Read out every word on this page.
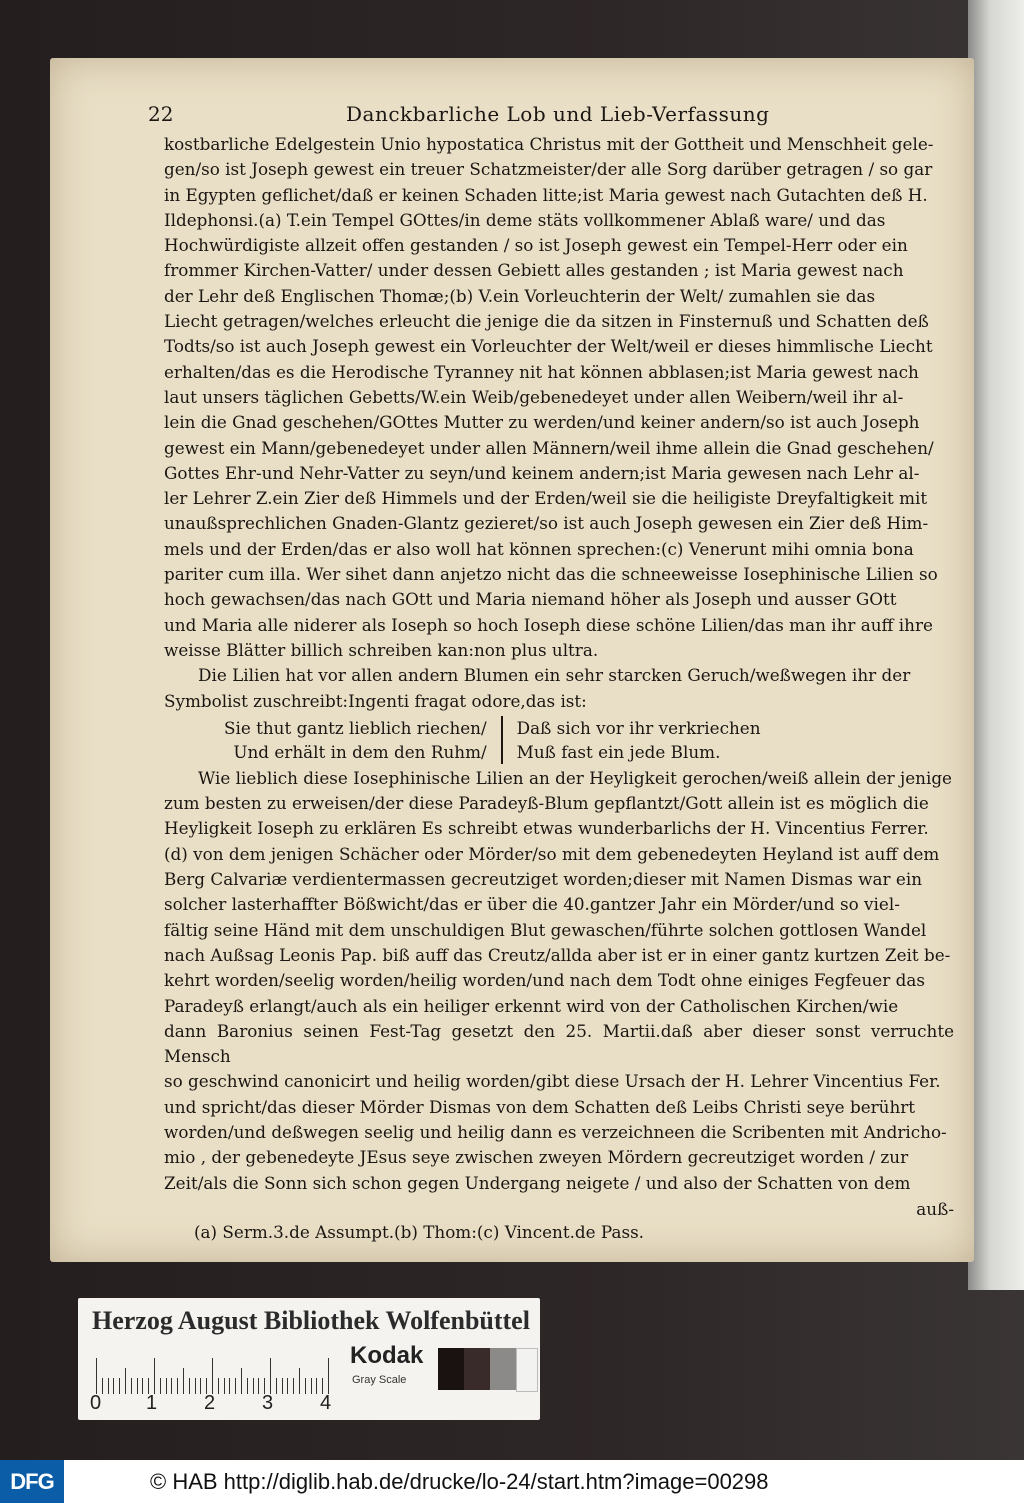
22	Danckbarliche Lob und Lieb-Verfassung

kostbarliche Edelgestein Unio hypostatica Christus mit der Gottheit und Menschheit gele-

gen/so ist Joseph gewest ein treuer Schatzmeister/der alle Sorg darüber getragen / so gar

in Egypten geflichet/daß er keinen Schaden litte;ist Maria gewest nach Gutachten deß H.

Ildephonsi.(a) T.ein Tempel GOttes/in deme stäts vollkommener Ablaß ware/ und das

Hochwürdigiste allzeit offen gestanden / so ist Joseph gewest ein Tempel-Herr oder ein

frommer Kirchen-Vatter/ under dessen Gebiett alles gestanden ; ist Maria gewest nach

der Lehr deß Englischen Thomæ;(b) V.ein Vorleuchterin der Welt/ zumahlen sie das

Liecht getragen/welches erleucht die jenige die da sitzen in Finsternuß und Schatten deß

Todts/so ist auch Joseph gewest ein Vorleuchter der Welt/weil er dieses himmlische Liecht

erhalten/das es die Herodische Tyranney nit hat können abblasen;ist Maria gewest nach

laut unsers täglichen Gebetts/W.ein Weib/gebenedeyet under allen Weibern/weil ihr al-

lein die Gnad geschehen/GOttes Mutter zu werden/und keiner andern/so ist auch Joseph

gewest ein Mann/gebenedeyet under allen Männern/weil ihme allein die Gnad geschehen/

Gottes Ehr-und Nehr-Vatter zu seyn/und keinem andern;ist Maria gewesen nach Lehr al-

ler Lehrer Z.ein Zier deß Himmels und der Erden/weil sie die heiligiste Dreyfaltigkeit mit

unaußsprechlichen Gnaden-Glantz gezieret/so ist auch Joseph gewesen ein Zier deß Him-

mels und der Erden/das er also woll hat können sprechen:(c) Venerunt mihi omnia bona

pariter cum illa. Wer sihet dann anjetzo nicht das die schneeweisse Iosephinische Lilien so

hoch gewachsen/das nach GOtt und Maria niemand höher als Joseph und ausser GOtt

und Maria alle niderer als Ioseph so hoch Ioseph diese schöne Lilien/das man ihr auff ihre

weisse Blätter billich schreiben kan:non plus ultra.

Die Lilien hat vor allen andern Blumen ein sehr starcken Geruch/weßwegen ihr der

Symbolist zuschreibt:Ingenti fragat odore,das ist:

Sie thut gantz lieblich riechen/
Und erhält in dem den Ruhm/
Daß sich vor ihr verkriechen
Muß fast ein jede Blum.

Wie lieblich diese Iosephinische Lilien an der Heyligkeit gerochen/weiß allein der jenige

zum besten zu erweisen/der diese Paradeyß-Blum gepflantzt/Gott allein ist es möglich die

Heyligkeit Ioseph zu erklären Es schreibt etwas wunderbarlichs der H. Vincentius Ferrer.

(d) von dem jenigen Schächer oder Mörder/so mit dem gebenedeyten Heyland ist auff dem

Berg Calvariæ verdientermassen gecreutziget worden;dieser mit Namen Dismas war ein

solcher lasterhaffter Bößwicht/das er über die 40.gantzer Jahr ein Mörder/und so viel-

fältig seine Händ mit dem unschuldigen Blut gewaschen/führte solchen gottlosen Wandel

nach Außsag Leonis Pap. biß auff das Creutz/allda aber ist er in einer gantz kurtzen Zeit be-

kehrt worden/seelig worden/heilig worden/und nach dem Todt ohne einiges Fegfeuer das

Paradeyß erlangt/auch als ein heiliger erkennt wird von der Catholischen Kirchen/wie

dann Baronius seinen Fest-Tag gesetzt den 25. Martii.daß aber dieser sonst verruchte Mensch

so geschwind canonicirt und heilig worden/gibt diese Ursach der H. Lehrer Vincentius Fer.

und spricht/das dieser Mörder Dismas von dem Schatten deß Leibs Christi seye berührt

worden/und deßwegen seelig und heilig dann es verzeichneen die Scribenten mit Andricho-

mio , der gebenedeyte JEsus seye zwischen zweyen Mördern gecreutziget worden / zur

Zeit/als die Sonn sich schon gegen Undergang neigete / und also der Schatten von dem

auß-
(a) Serm.3.de Assumpt.(b) Thom:(c) Vincent.de Pass.
Herzog August Bibliothek Wolfenbüttel
0 1 2 3 4
Kodak
Gray Scale
DFG	© HAB http://diglib.hab.de/drucke/lo-24/start.htm?image=00298
